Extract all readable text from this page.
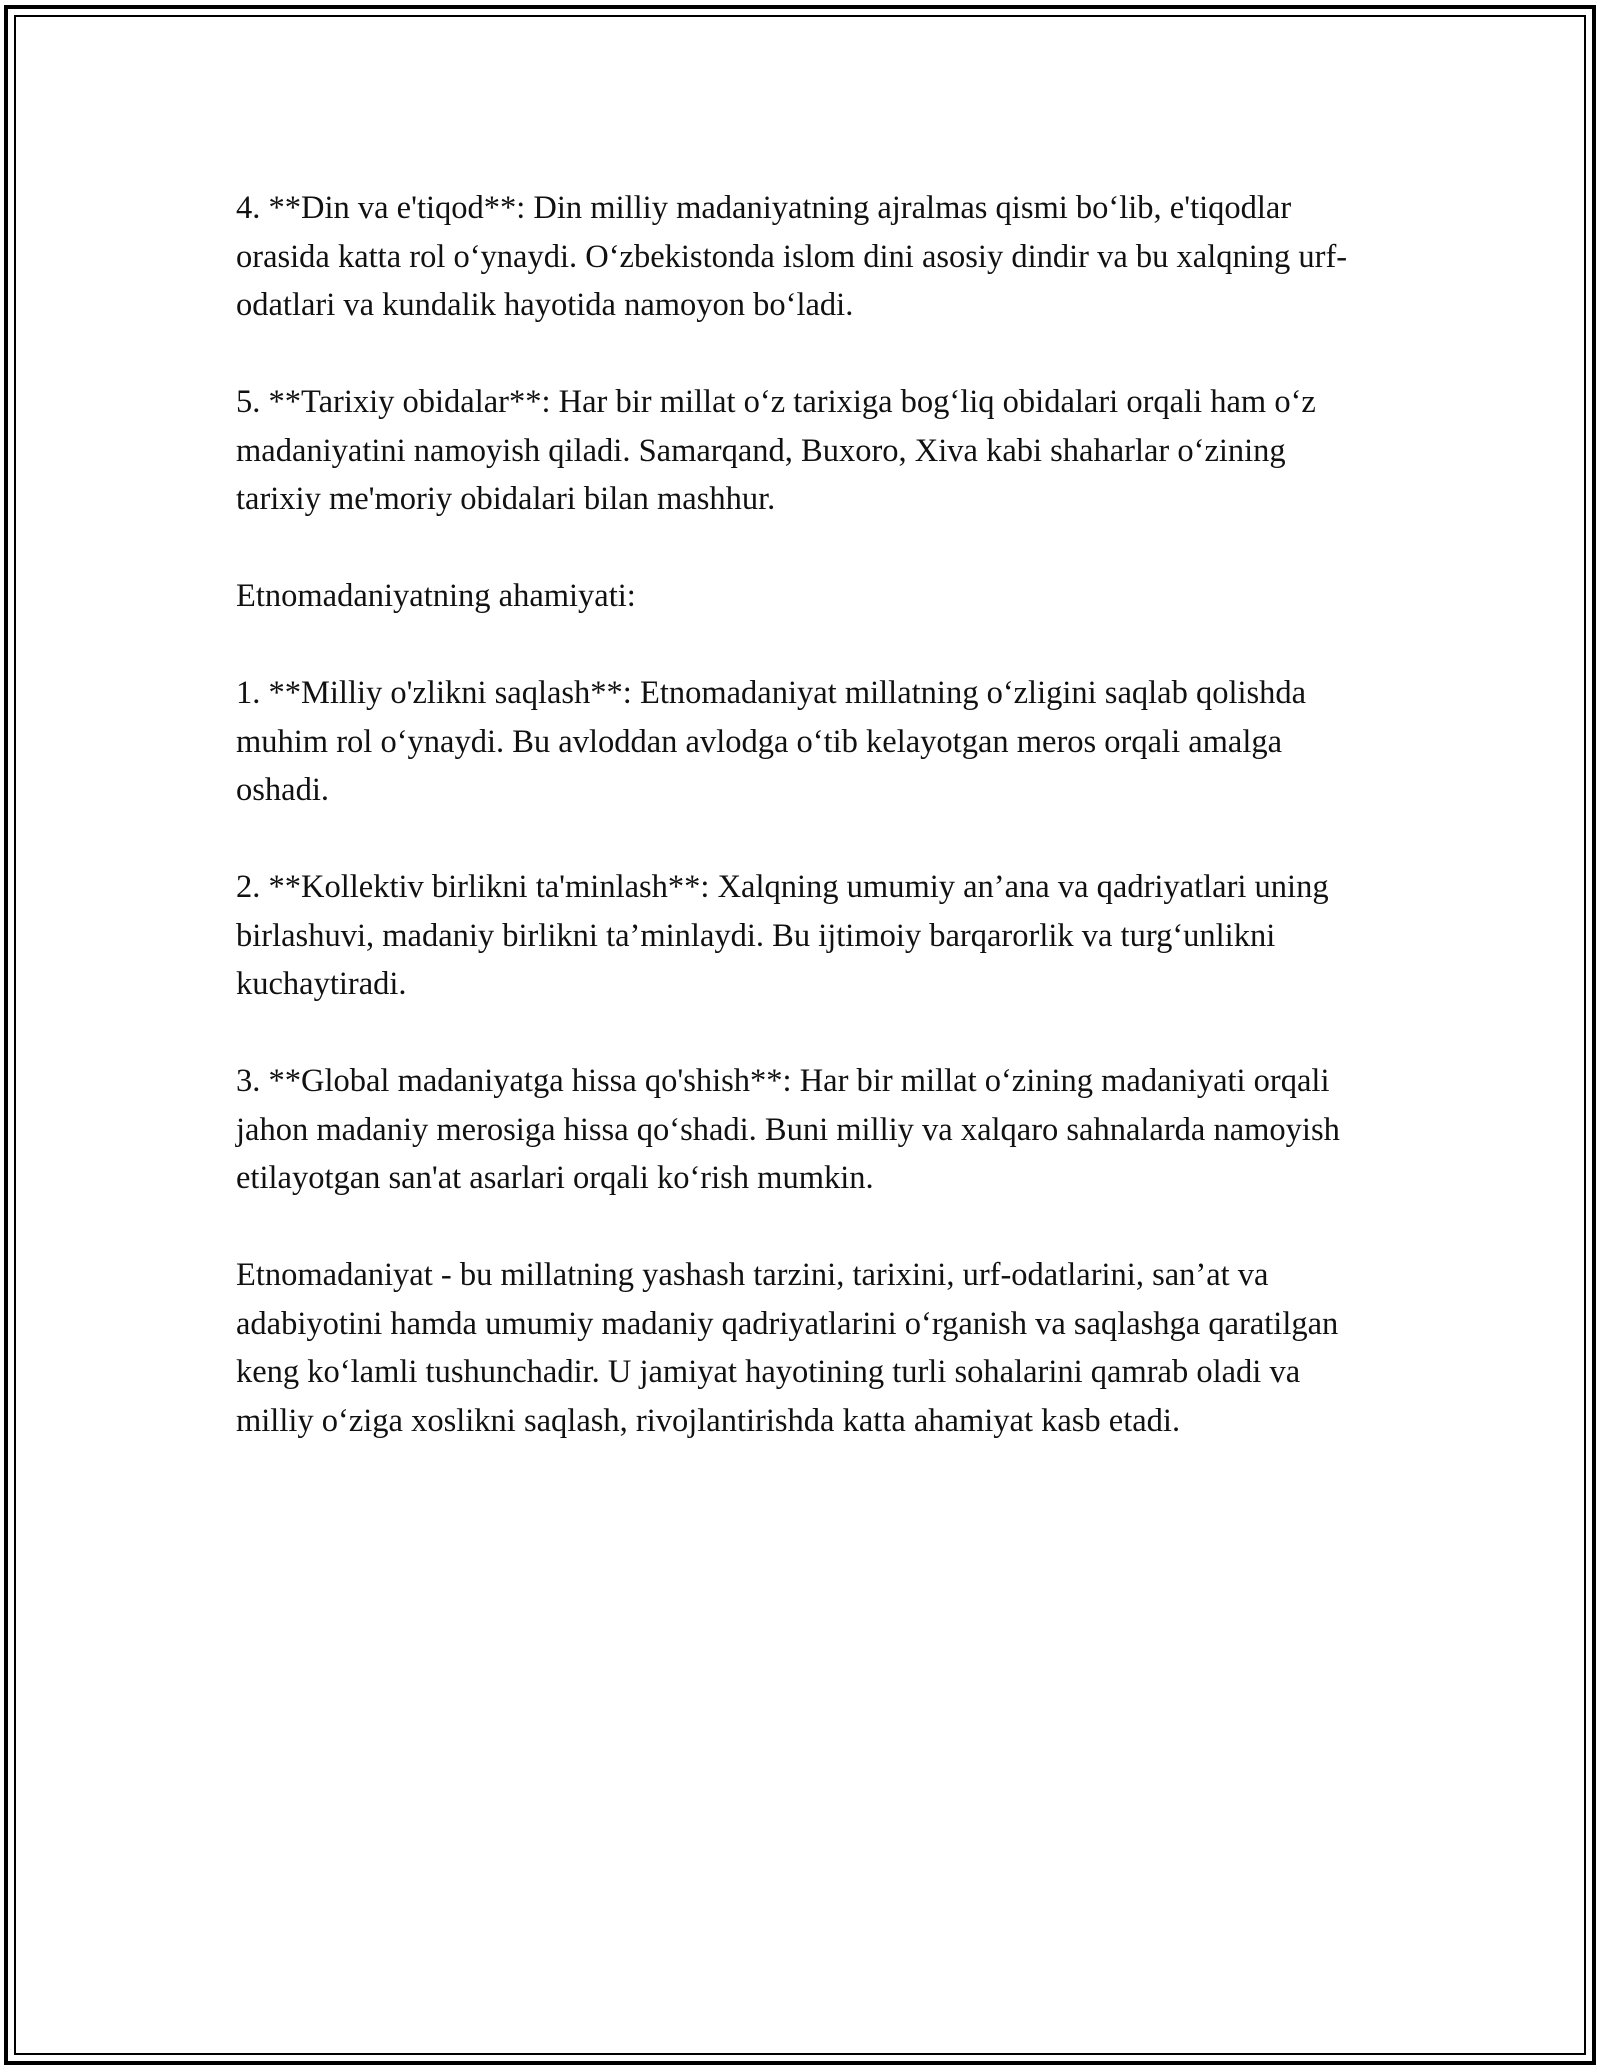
4. **Din va e'tiqod**: Din milliy madaniyatning ajralmas qismi bo‘lib, e'tiqodlar orasida katta rol o‘ynaydi. O‘zbekistonda islom dini asosiy dindir va bu xalqning urf-odatlari va kundalik hayotida namoyon bo‘ladi.

5. **Tarixiy obidalar**: Har bir millat o‘z tarixiga bog‘liq obidalari orqali ham o‘z madaniyatini namoyish qiladi. Samarqand, Buxoro, Xiva kabi shaharlar o‘zining tarixiy me'moriy obidalari bilan mashhur.

Etnomadaniyatning ahamiyati:

1. **Milliy o'zlikni saqlash**: Etnomadaniyat millatning o‘zligini saqlab qolishda muhim rol o‘ynaydi. Bu avloddan avlodga o‘tib kelayotgan meros orqali amalga oshadi.

2. **Kollektiv birlikni ta'minlash**: Xalqning umumiy an’ana va qadriyatlari uning birlashuvi, madaniy birlikni ta’minlaydi. Bu ijtimoiy barqarorlik va turg‘unlikni kuchaytiradi.

3. **Global madaniyatga hissa qo'shish**: Har bir millat o‘zining madaniyati orqali jahon madaniy merosiga hissa qo‘shadi. Buni milliy va xalqaro sahnalarda namoyish etilayotgan san'at asarlari orqali ko‘rish mumkin.

Etnomadaniyat - bu millatning yashash tarzini, tarixini, urf-odatlarini, san’at va adabiyotini hamda umumiy madaniy qadriyatlarini o‘rganish va saqlashga qaratilgan keng ko‘lamli tushunchadir. U jamiyat hayotining turli sohalarini qamrab oladi va milliy o‘ziga xoslikni saqlash, rivojlantirishda katta ahamiyat kasb etadi.
